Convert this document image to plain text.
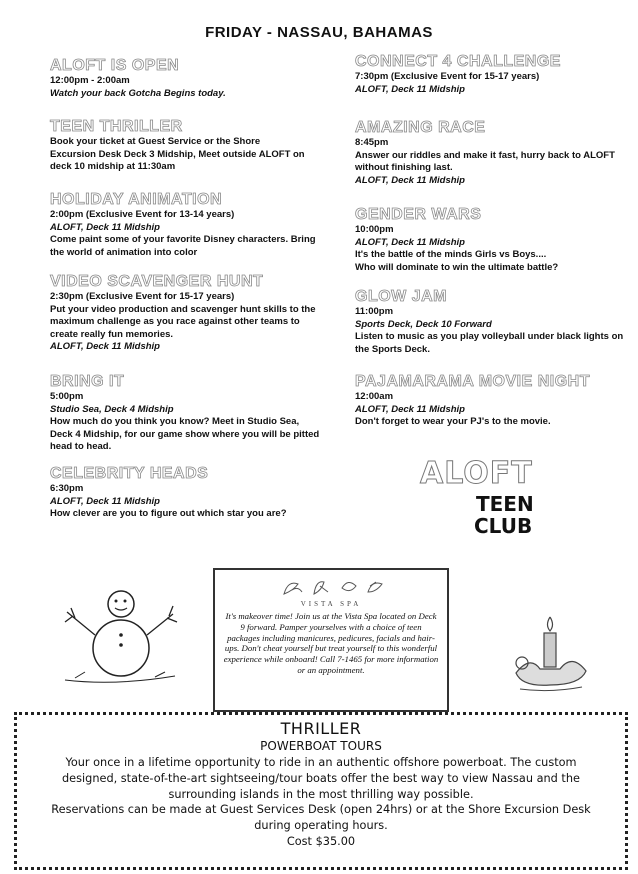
FRIDAY - NASSAU, BAHAMAS
ALOFT IS OPEN
12:00pm - 2:00am
Watch your back Gotcha Begins today.
TEEN THRILLER
Book your ticket at Guest Service or the Shore
Excursion Desk Deck 3 Midship, Meet outside ALOFT on
deck 10 midship at 11:30am
HOLIDAY ANIMATION
2:00pm (Exclusive Event for 13-14 years)
ALOFT, Deck 11 Midship
Come paint some of your favorite Disney characters. Bring
the world of animation into color
VIDEO SCAVENGER HUNT
2:30pm (Exclusive Event for 15-17 years)
Put your video production and scavenger hunt skills to the
maximum challenge as you race against other teams to
create really fun memories.
ALOFT, Deck 11 Midship
BRING IT
5:00pm
Studio Sea, Deck 4 Midship
How much do you think you know? Meet in Studio Sea,
Deck 4 Midship, for our game show where you will be pitted
head to head.
CELEBRITY HEADS
6:30pm
ALOFT, Deck 11 Midship
How clever are you to figure out which star you are?
CONNECT 4 CHALLENGE
7:30pm (Exclusive Event for 15-17 years)
ALOFT, Deck 11 Midship
AMAZING RACE
8:45pm
Answer our riddles and make it fast, hurry back to ALOFT
without finishing last.
ALOFT, Deck 11 Midship
GENDER WARS
10:00pm
ALOFT, Deck 11 Midship
It's the battle of the minds Girls vs Boys....
Who will dominate to win the ultimate battle?
GLOW JAM
11:00pm
Sports Deck, Deck 10 Forward
Listen to music as you play volleyball under black lights on
the Sports Deck.
PAJAMARAMA MOVIE NIGHT
12:00am
ALOFT, Deck 11 Midship
Don't forget to wear your PJ's to the movie.
ALOFT
TEEN
CLUB
VISTA SPA
It's makeover time! Join us at the Vista Spa located on Deck 9 forward. Pamper yourselves with a choice of teen packages including manicures, pedicures, facials and hair-ups. Don't cheat yourself but treat yourself to this wonderful experience while onboard! Call 7-1465 for more information or an appointment.
THRILLER
POWERBOAT TOURS
Your once in a lifetime opportunity to ride in an authentic offshore powerboat. The custom
designed, state-of-the-art sightseeing/tour boats offer the best way to view Nassau and the
surrounding islands in the most thrilling way possible.
Reservations can be made at Guest Services Desk (open 24hrs) or at the Shore Excursion Desk
during operating hours.
Cost $35.00
